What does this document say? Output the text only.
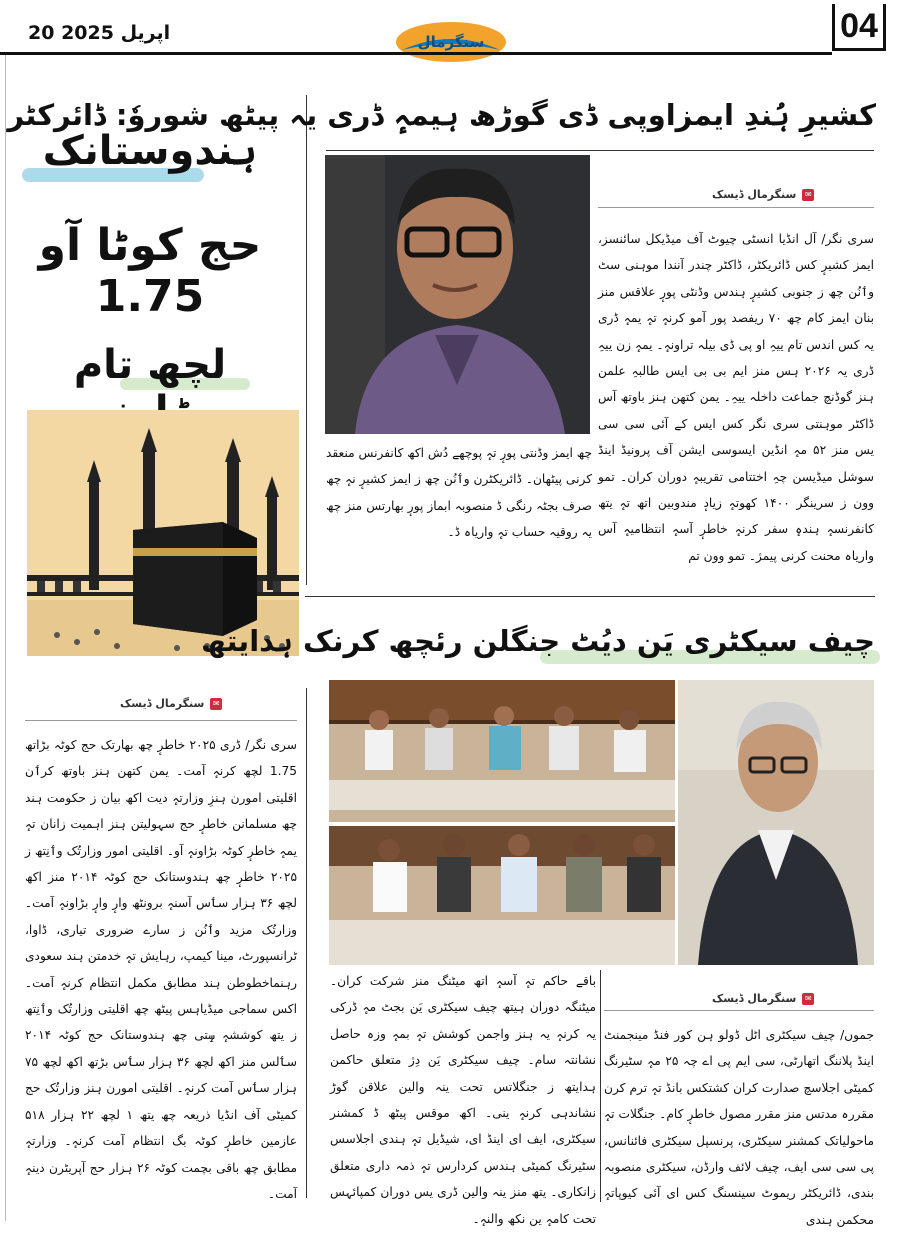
20 اپریل 2025	سنگرمال	04
ہندوستانک
حج کوٹا آو 1.75
لچھ تام
✉
سنگرمال ڈیسک
سری نگر/ ڈری ۲۰۲۵ خاطرٕ چھ بھارتک حج کوٹہ بڑاتھ 1.75 لچھ کرنہٕ آمت۔ یمن کتھن ہنز باوتھ کرٲن اقلیتی امورن ہنزِ وزارتہٕ دیت اکھ بیان ز حکومت ہند چھ مسلمانن خاطرٕ حج سہولیتن ہنز اہمیت زانان تہٕ یمہٕ خاطرٕ کوٹہ بڑاونہٕ آو۔ اقلیتی امور وزارتُک وٲنِتھ ز ۲۰۲۵ خاطرٕ چھ ہندوستانک حج کوٹہ ۲۰۱۴ منز اکھ لچھ ۳۶ ہزار سٲس آسنہٕ برونٹھ وارٕ وارٕ بڑاونہٕ آمت۔ وزارتُک مزید وٲنُن ز سارے ضروری تیاری، ڈاوا، ٹرانسپورٹ، مینا کیمپ، رہایش تہٕ خدمتن ہند سعودی رہنماخطوطن ہند مطابق مکمل انتظام کرنہٕ آمت۔ اکس سماجی میڈیاہس پیٹھ چھ اقلیتی وزارتُک وٲنِتھ ز یتھ کوششہٕ سٟتی چھ ہندوستانک حج کوٹہ ۲۰۱۴ سٲلس منز اکھ لچھ ۳۶ ہزار سٲس بڑتھ اکھ لچھ ۷۵ ہزار سٲس آمت کرنہٕ۔ اقلیتی امورن ہنز وزارتُک حج کمیٹی آف انڈیا ذریعہ چھ یتھ ۱ لچھ ۲۲ ہزار ۵۱۸ عازمین خاطرٕ کوٹہ بگ انتظام آمت کرنہٕ۔ وزارتہٕ مطابق چھ باقی بچمت کوٹہ ۲۶ ہزار حج آپریٹرن دینہٕ آمت۔
کشیرِ ہُندِ ایمزاوپی ڈی گوڑھ ہیمہٕ ڈری یہ پیٹھ شوروٗ: ڈائرکٹر
✉
سنگرمال ڈیسک
سری نگر/ آل انڈیا انسٹی چیوٹ آف میڈیکل سائنسز، ایمز کشیرٕ کس ڈائریکٹر، ڈاکٹر چندر آنندا موہنی سٹ وٲنُن چھ ز جنوبی کشیرٕ ہندس وڈنٹی پورٕ علاقس منز بنان ایمز کام چھ ۷۰ ریفصد پور آمو کرنہٕ تہٕ یمہٕ ڈری یہ کس اندس تام ییہِ او پی ڈی بیلہ تراونہٕ۔ یمہٕ زن ییہِ ڈری یہ ۲۰۲۶ ہس منز ایم بی بی ایس طالبہِ علمن ہنز گوڈنچ جماعت داخلہ ییہِ۔ یمن کتھن ہنز باوتھ آس ڈاکٹر موہنتی سری نگر کس ایس کے آئی سی سی یس منز ۵۲ مہٕ انڈین ایسوسی ایشن آف پرونیڈ اینڈ سوشل میڈیسن چہِ اختتامی تقریبہٕ دوران کران۔ تمو وون ز سرینگر ۱۴۰۰ کھوتہٕ زیادٕ مندوبین اتھ تہٕ یتھ کانفرنسہٕ ہندہٕ سفر کرنہٕ خاطرٕ آسہٕ انتظامیہٕ آس واریاہ محنت کرنی پیمژ۔ تمو وون تم
چھ ایمز وڈنتی پورٕ تہٕ پوچھے دُش اکھ کانفرنس منعقد کرنی پیٹھان۔ ڈائریکٹرن وٲنُن چھ ز ایمز کشیرٕ نہٕ چھ صرف بجٹہ رنگی ڈ منصوبہ ابماز پورٕ بھارتس منز چھ یہ روقیہ حساب تہٕ واریاہ ڈ۔
چیف سیکٹری یَن دیُٹ جنگلن رئچھ کرنک ہدایتھ
✉
سنگرمال ڈیسک
جموں/ چیف سیکٹری اٹل ڈولو ہن کور فنڈ مینجمنٹ اینڈ پلاننگ اتھارٹی، سی ایم پی اے چہ ۲۵ مہٕ سٹیرنگ کمیٹی اجلاسچ صدارت کران کشتکس بانڈ تہٕ ترم کرن مقررہ مدتس منز مقرر مصول خاطرٕ کام۔ جنگلات تہٕ ماحولیاتک کمشنر سیکٹری، پرنسپل سیکٹری فائنانس، پی سی سی ایف، چیف لائف وارڈن، سیکٹری منصوبہ بندی، ڈائریکٹر ریموٹ سینسنگ کس ای آئی کیوپاتہٕ محکمن ہندی
باقے حاکم تہٕ آسہٕ اتھ میٹنگ منز شرکت کران۔ میٹنگہ دوران ہیتھ چیف سیکٹری یَن بجٹ مہٕ ڈرکی یہ کرنہٕ یہ ہنز واجمن کوشش تہٕ بمہٕ وزہ حاصل نشانتہ سام۔ چیف سیکٹری یَن دِژ متعلق حاکمن ہدایتھ ز جنگلاتس تحت ینہ والین علاقن گوڑ نشاندہی کرنہٕ ینی۔ اکھ موقس پیٹھ ڈ کمشنر سیکٹری، ایف ای اینڈ ای، شیڈیل تہٕ ہندی اجلاسس سٹیرنگ کمیٹی ہندس کردارس تہٕ ذمہ داری متعلق زانکاری۔ یتھ منز ینہ والین ڈری یس دوران کمپائہس تحت کامہٕ ین نکھ والنہٕ۔
